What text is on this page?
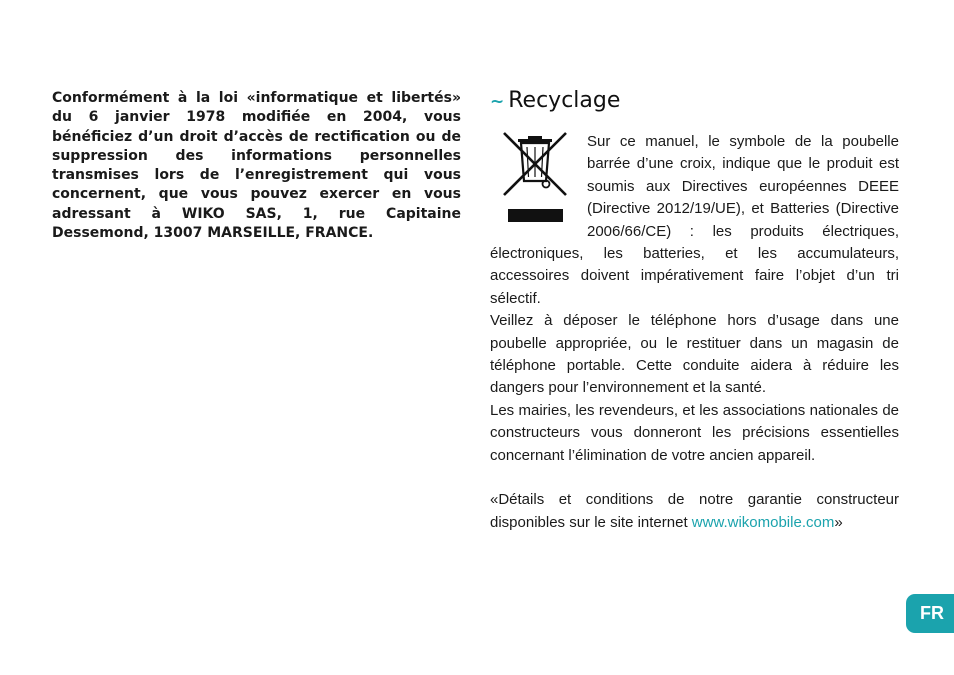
Conformément à la loi «informatique et libertés» du 6 janvier 1978 modifiée en 2004, vous bénéficiez d’un droit d’accès de rectification ou de suppression des informations personnelles transmises lors de l’enregistrement qui vous concernent, que vous pouvez exercer en vous adressant à WIKO SAS, 1, rue Capitaine Dessemond, 13007 MARSEILLE, FRANCE.

~ Recyclage

Sur ce manuel, le symbole de la poubelle barrée d’une croix, indique que le produit est soumis aux Directives européennes DEEE (Directive 2012/19/UE), et Batteries (Directive 2006/66/CE) : les produits électriques, électroniques, les batteries, et les accumulateurs, accessoires doivent impérativement faire l’objet d’un tri sélectif.

Veillez à déposer le téléphone hors d’usage dans une poubelle appropriée, ou le restituer dans un magasin de téléphone portable. Cette conduite aidera à réduire les dangers pour l’environnement et la santé.

Les mairies, les revendeurs, et les associations nationales de constructeurs vous donneront les précisions essentielles concernant l’élimination de votre ancien appareil.

«Détails et conditions de notre garantie constructeur disponibles sur le site internet www.wikomobile.com»

FR
